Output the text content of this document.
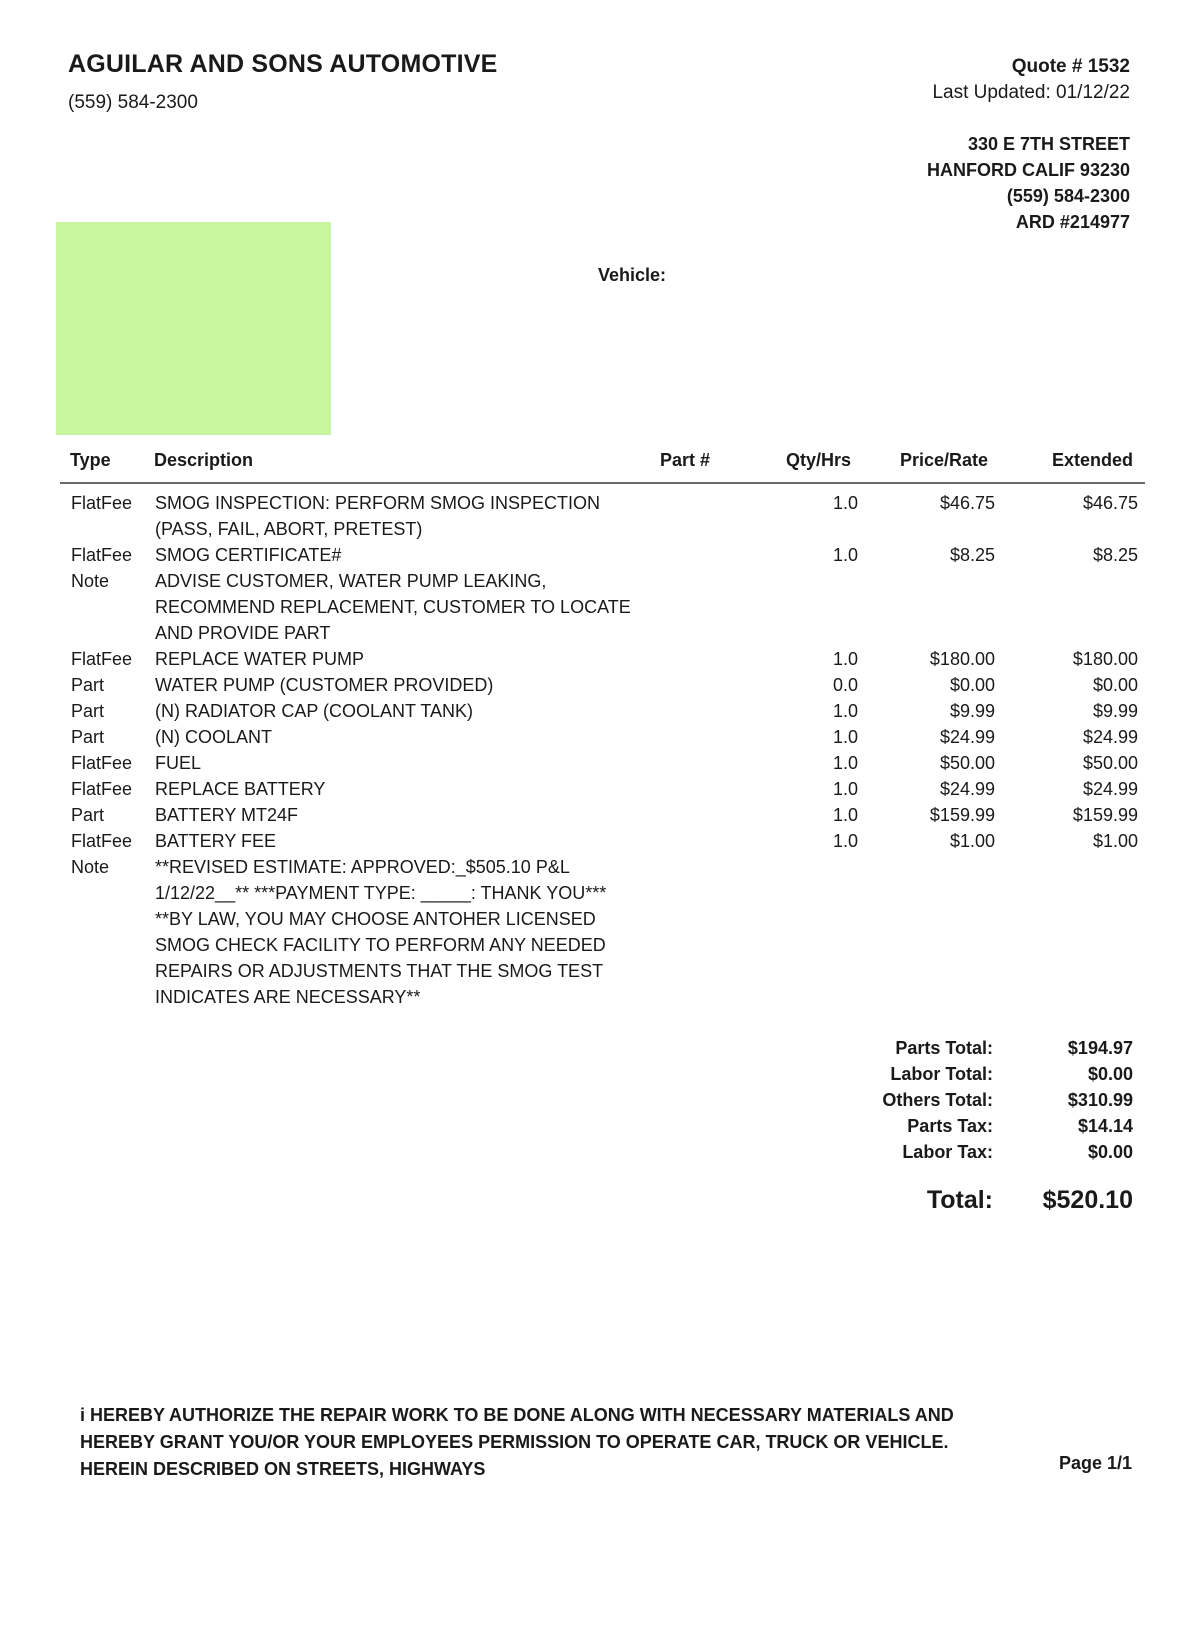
AGUILAR AND SONS AUTOMOTIVE
(559) 584-2300
Quote # 1532
Last Updated: 01/12/22
330 E 7TH STREET
HANFORD CALIF 93230
(559) 584-2300
ARD #214977
Vehicle:
Type Description	Part #	Qty/Hrs	Price/Rate	Extended
FlatFee SMOG INSPECTION: PERFORM SMOG INSPECTION	1.0	$46.75	$46.75
(PASS, FAIL, ABORT, PRETEST)
FlatFee SMOG CERTIFICATE#	1.0	$8.25	$8.25
Note	ADVISE CUSTOMER, WATER PUMP LEAKING,
RECOMMEND REPLACEMENT, CUSTOMER TO LOCATE
AND PROVIDE PART
FlatFee REPLACE WATER PUMP	1.0	$180.00	$180.00
Part	WATER PUMP (CUSTOMER PROVIDED)	0.0	$0.00	$0.00
Part	(N) RADIATOR CAP (COOLANT TANK)	1.0	$9.99	$9.99
Part	(N) COOLANT	1.0	$24.99	$24.99
FlatFee FUEL	1.0	$50.00	$50.00
FlatFee REPLACE BATTERY	1.0	$24.99	$24.99
Part	BATTERY MT24F	1.0	$159.99	$159.99
FlatFee BATTERY FEE	1.0	$1.00	$1.00
Note	**REVISED ESTIMATE: APPROVED:_$505.10 P&L
1/12/22__** ***PAYMENT TYPE: _____: THANK YOU***
**BY LAW, YOU MAY CHOOSE ANTOHER LICENSED
SMOG CHECK FACILITY TO PERFORM ANY NEEDED
REPAIRS OR ADJUSTMENTS THAT THE SMOG TEST
INDICATES ARE NECESSARY**
Parts Total:	$194.97
Labor Total:	$0.00
Others Total:	$310.99
Parts Tax:	$14.14
Labor Tax:	$0.00
Total:	$520.10
i HEREBY AUTHORIZE THE REPAIR WORK TO BE DONE ALONG WITH NECESSARY MATERIALS AND
HEREBY GRANT YOU/OR YOUR EMPLOYEES PERMISSION TO OPERATE CAR, TRUCK OR VEHICLE.
HEREIN DESCRIBED ON STREETS, HIGHWAYS	Page 1/1
